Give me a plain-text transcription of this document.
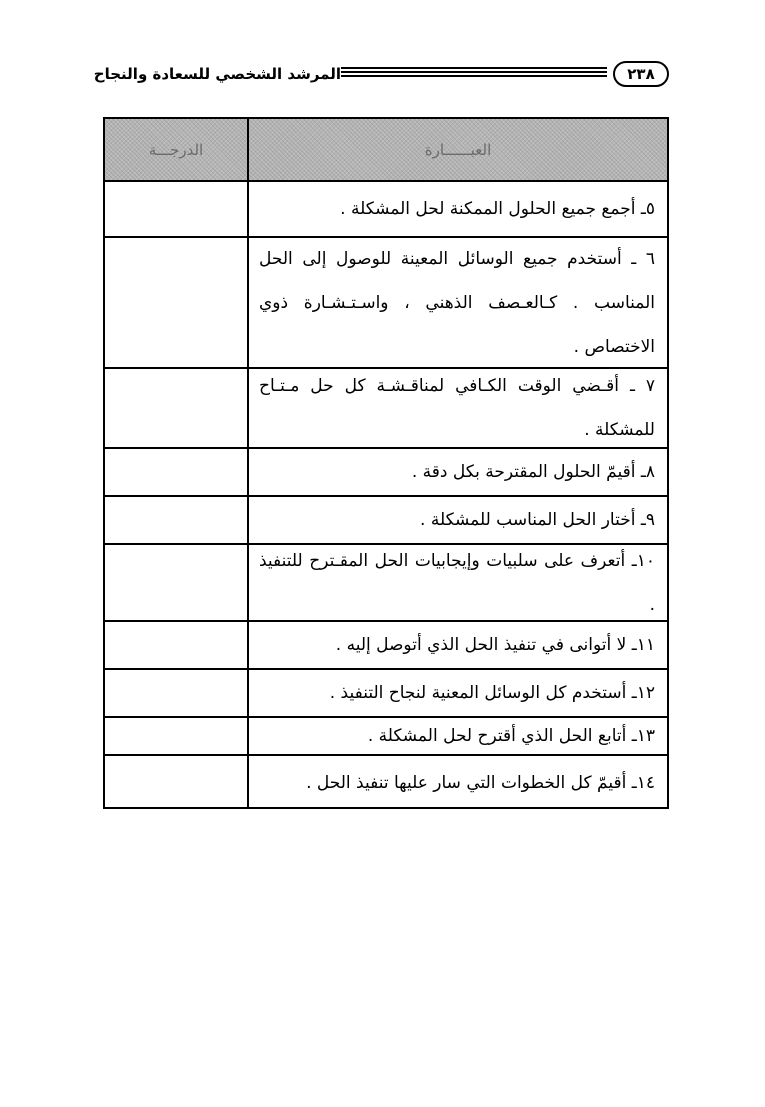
المرشد الشخصي للسعادة والنجاح	٢٣٨
العبــــــارة
الدرجـــة
٥ـ أجمع جميع الحلول الممكنة لحل المشكلة .
٦ ـ أستخدم جميع الوسائل المعينة للوصول إلى الحل المناسب . كـالعـصف الذهني ، واسـتـشـارة ذوي الاختصاص .
٧ ـ أقـضي الوقت الكـافي لمناقـشـة كل حل مـتـاح للمشكلة .
٨ـ أقيمّ الحلول المقترحة بكل دقة .
٩ـ أختار الحل المناسب للمشكلة .
١٠ـ أتعرف على سلبيات وإيجابيات الحل المقـترح للتنفيذ .
١١ـ لا أتوانى في تنفيذ الحل الذي أتوصل إليه .
١٢ـ أستخدم كل الوسائل المعنية لنجاح التنفيذ .
١٣ـ أتابع الحل الذي أقترح لحل المشكلة .
١٤ـ أقيمّ كل الخطوات التي سار عليها تنفيذ الحل .
